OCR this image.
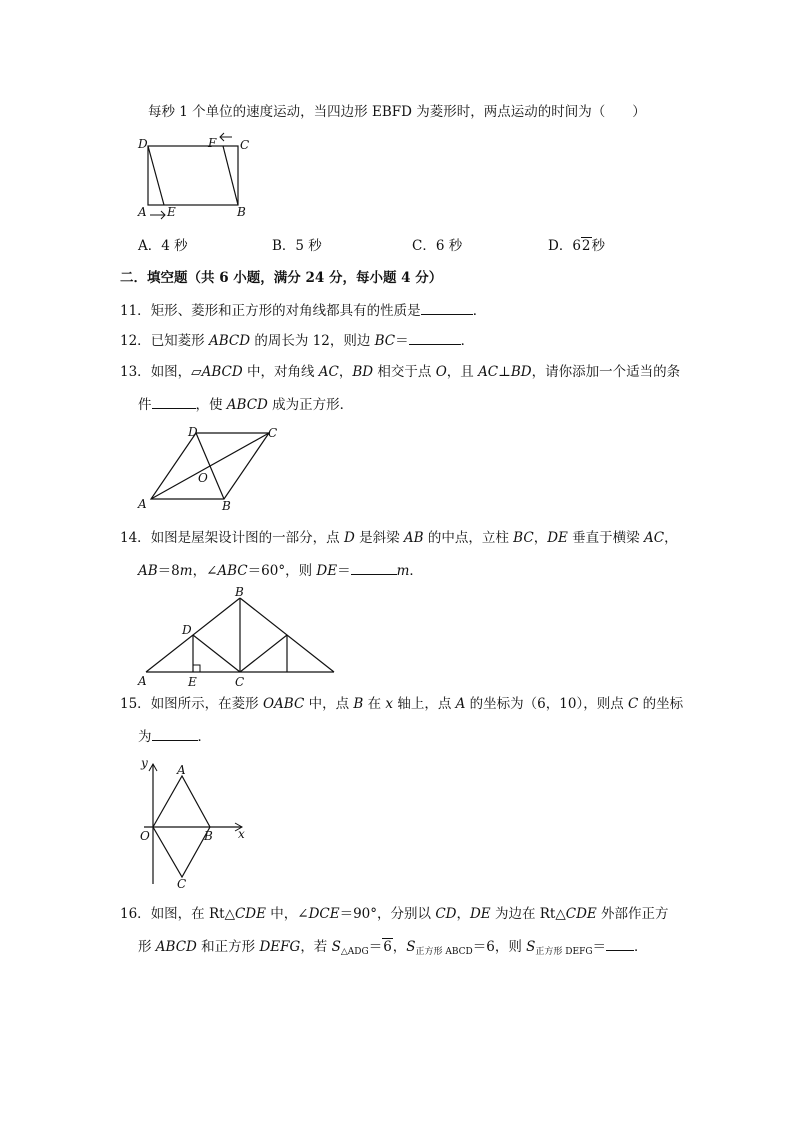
每秒 1 个单位的速度运动，当四边形 EBFD 为菱形时，两点运动的时间为（　　）
D	F C
A E	B
A．4 秒	B．5 秒	C．6 秒	D．62秒
二．填空题（共 6 小题，满分 24 分，每小题 4 分）
11．矩形、菱形和正方形的对角线都具有的性质是	．
12．已知菱形 ABCD 的周长为 12，则边 BC＝	．
13．如图，▱ABCD 中，对角线 AC，BD 相交于点 O，且 AC⊥BD，请你添加一个适当的条
件	，使 ABCD 成为正方形．
D	C
O
A	B
14．如图是屋架设计图的一部分，点 D 是斜梁 AB 的中点，立柱 BC，DE 垂直于横梁 AC，
AB＝8m，∠ABC＝60°，则 DE＝	m．
B
D
A	E	C
15．如图所示，在菱形 OABC 中，点 B 在 x 轴上，点 A 的坐标为（6，10），则点 C 的坐标
为	．
y A
O	B x
C
16．如图，在 Rt△CDE 中，∠DCE＝90°，分别以 CD，DE 为边在 Rt△CDE 外部作正方
形 ABCD 和正方形 DEFG，若 $S_{\triangle ADG}=6$，$S_{正方形 ABCD}=6$，则 $S_{正方形 DEFG}=$ ．
